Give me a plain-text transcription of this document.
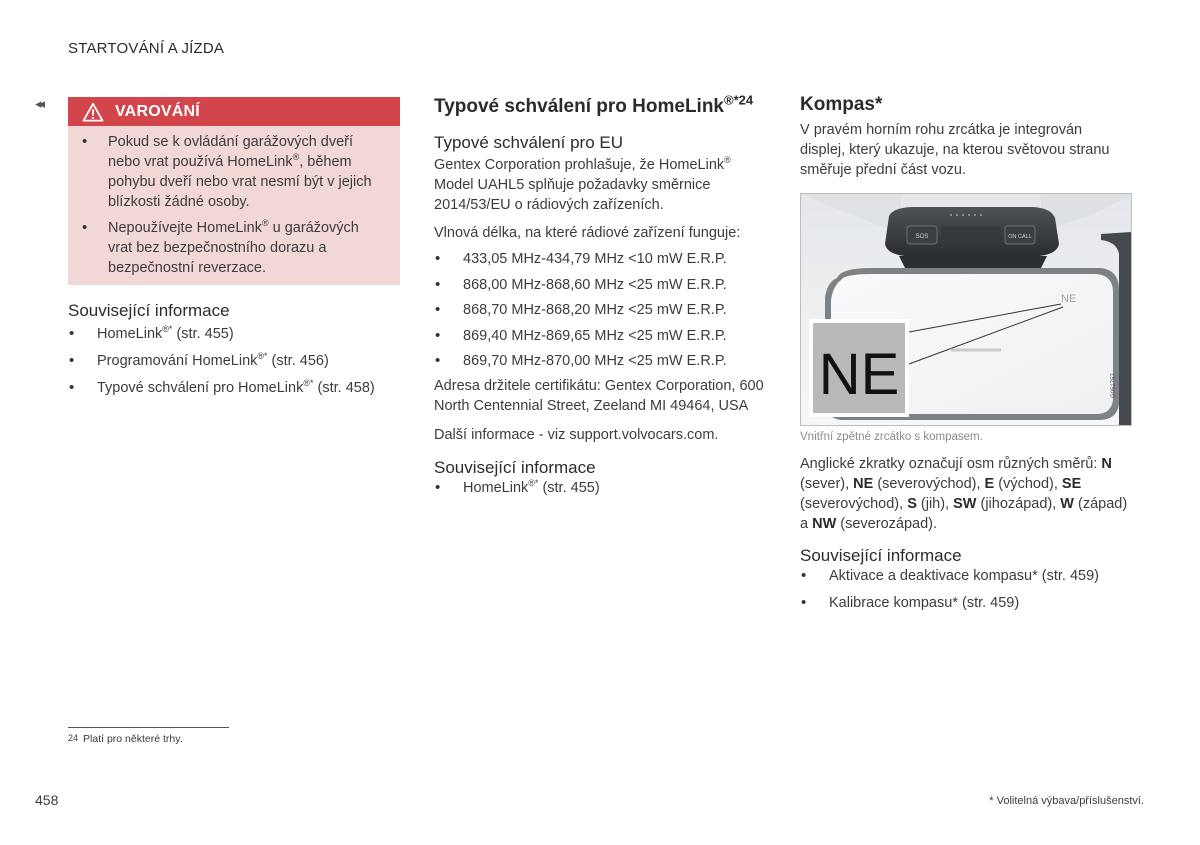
STARTOVÁNÍ A JÍZDA
◂◂	VAROVÁNÍ
• Pokud se k ovládání garážových dveří nebo vrat používá HomeLink®, během pohybu dveří nebo vrat nesmí být v jejich blízkosti žádné osoby.
• Nepoužívejte HomeLink® u garážových vrat bez bezpečnostního dorazu a bezpečnostní reverzace.
Související informace
• HomeLink®* (str. 455)
• Programování HomeLink®* (str. 456)
• Typové schválení pro HomeLink®* (str. 458)
Typové schválení pro HomeLink$^{®*24}$
Typové schválení pro EU

Gentex Corporation prohlašuje, že HomeLink® Model UAHL5 splňuje požadavky směrnice 2014/53/EU o rádiových zařízeních.

Vlnová délka, na které rádiové zařízení funguje:

• 433,05 MHz-434,79 MHz <10 mW E.R.P.
• 868,00 MHz-868,60 MHz <25 mW E.R.P.
• 868,70 MHz-868,20 MHz <25 mW E.R.P.
• 869,40 MHz-869,65 MHz <25 mW E.R.P.
• 869,70 MHz-870,00 MHz <25 mW E.R.P.

Adresa držitele certifikátu: Gentex Corporation, 600 North Centennial Street, Zeeland MI 49464, USA

Další informace - viz support.volvocars.com.

Související informace
• HomeLink®* (str. 455)
Kompas*

V pravém horním rohu zrcátka je integrován displej, který ukazuje, na kterou světovou stranu směřuje přední část vozu.

SOS	ON CALL
NE
NE	G051757
Vnitřní zpětné zrcátko s kompasem.

Anglické zkratky označují osm různých směrů: N (sever), NE (severovýchod), E (východ), SE (severovýchod), S (jih), SW (jihozápad), W (západ) a NW (severozápad).

Související informace
• Aktivace a deaktivace kompasu* (str. 459)
• Kalibrace kompasu* (str. 459)
24 Platí pro některé trhy.
458	* Volitelná výbava/příslušenství.
